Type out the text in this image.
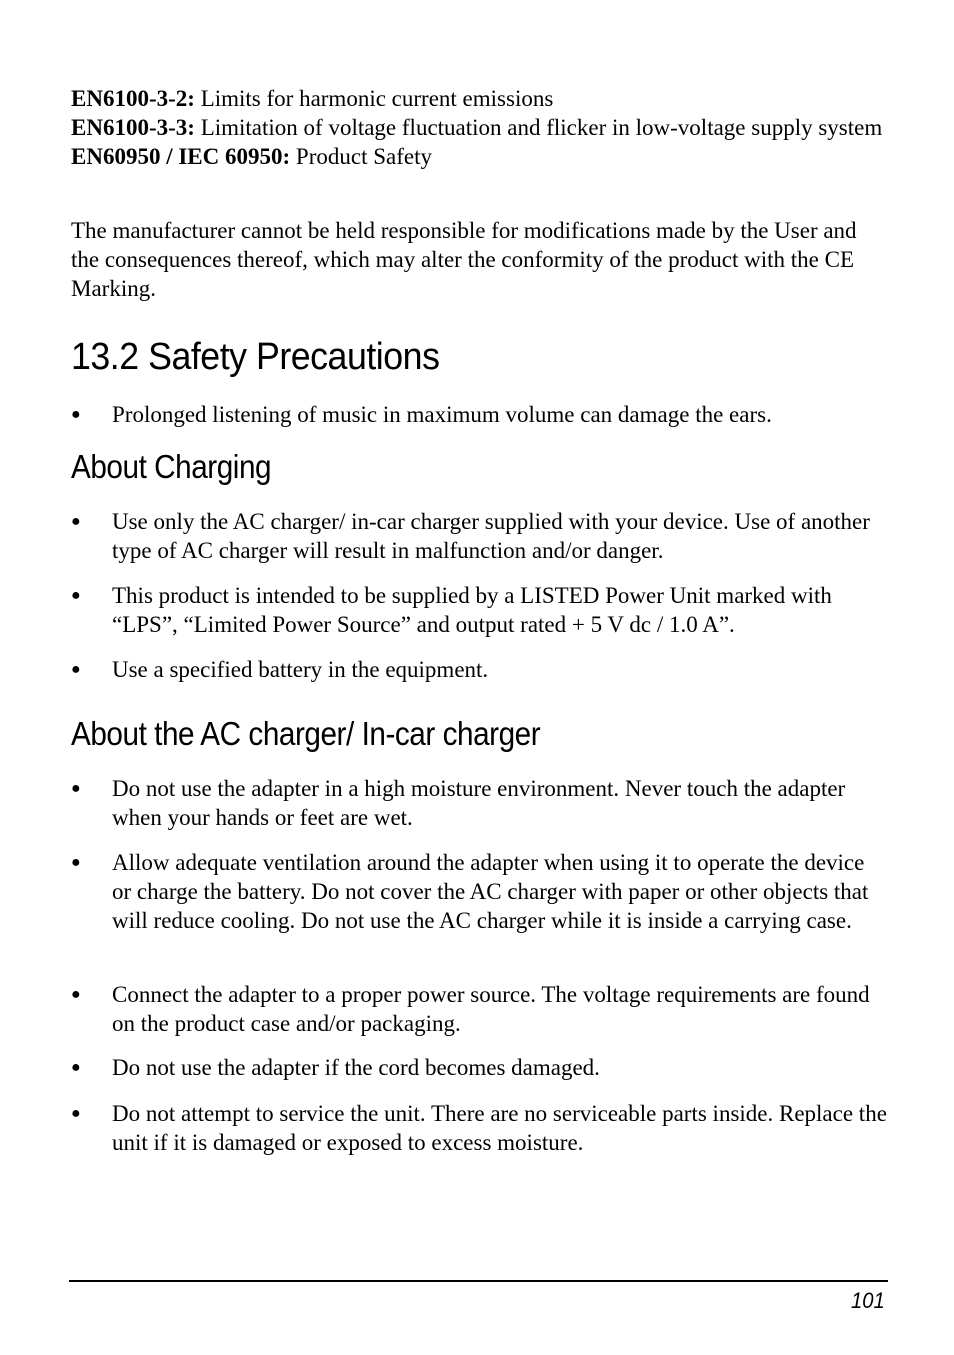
EN6100-3-2: Limits for harmonic current emissions
EN6100-3-3: Limitation of voltage fluctuation and flicker in low-voltage supply system
EN60950 / IEC 60950: Product Safety
The manufacturer cannot be held responsible for modifications made by the User and the consequences thereof, which may alter the conformity of the product with the CE Marking.
13.2 Safety Precautions
●	Prolonged listening of music in maximum volume can damage the ears.
About Charging
●	Use only the AC charger/ in-car charger supplied with your device. Use of another type of AC charger will result in malfunction and/or danger.
●	This product is intended to be supplied by a LISTED Power Unit marked with “LPS”, “Limited Power Source” and output rated + 5 V dc / 1.0 A”.
●	Use a specified battery in the equipment.
About the AC charger/ In-car charger
●	Do not use the adapter in a high moisture environment. Never touch the adapter when your hands or feet are wet.
●	Allow adequate ventilation around the adapter when using it to operate the device or charge the battery. Do not cover the AC charger with paper or other objects that will reduce cooling. Do not use the AC charger while it is inside a carrying case.
●	Connect the adapter to a proper power source. The voltage requirements are found on the product case and/or packaging.
●	Do not use the adapter if the cord becomes damaged.
●	Do not attempt to service the unit. There are no serviceable parts inside. Replace the unit if it is damaged or exposed to excess moisture.
101
